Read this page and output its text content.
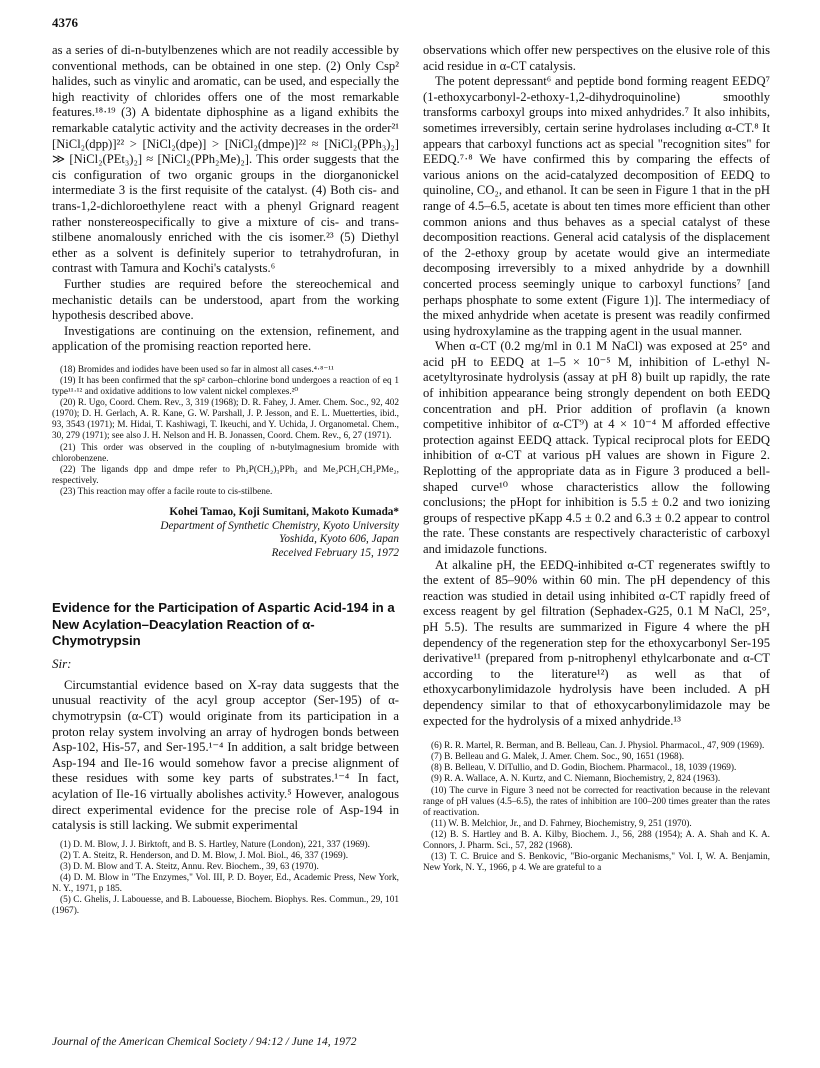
4376

as a series of di-n-butylbenzenes which are not readily accessible by conventional methods, can be obtained in one step. (2) Only Csp² halides, such as vinylic and aromatic, can be used, and especially the high reactivity of chlorides offers one of the most remarkable features.¹⁸·¹⁹ (3) A bidentate diphosphine as a ligand exhibits the remarkable catalytic activity and the activity decreases in the order²¹ [NiCl₂(dpp)]²² > [NiCl₂(dpe)] > [NiCl₂(dmpe)]²² ≈ [NiCl₂(PPh₃)₂] ≫ [NiCl₂(PEt₃)₂] ≈ [NiCl₂(PPh₂Me)₂]. This order suggests that the cis configuration of two organic groups in the diorganonickel intermediate 3 is the first requisite of the catalyst. (4) Both cis- and trans-1,2-dichloroethylene react with a phenyl Grignard reagent rather nonstereospecifically to give a mixture of cis- and trans-stilbene anomalously enriched with the cis isomer.²³ (5) Diethyl ether as a solvent is definitely superior to tetrahydrofuran, in contrast with Tamura and Kochi's catalysts.⁶

Further studies are required before the stereochemical and mechanistic details can be understood, apart from the working hypothesis described above.

Investigations are continuing on the extension, refinement, and application of the promising reaction reported here.

(18) Bromides and iodides have been used so far in almost all cases.⁴·⁸⁻¹¹

(19) It has been confirmed that the sp² carbon–chlorine bond undergoes a reaction of eq 1 type¹¹·¹² and oxidative additions to low valent nickel complexes.²⁰

(20) R. Ugo, Coord. Chem. Rev., 3, 319 (1968); D. R. Fahey, J. Amer. Chem. Soc., 92, 402 (1970); D. H. Gerlach, A. R. Kane, G. W. Parshall, J. P. Jesson, and E. L. Muetterties, ibid., 93, 3543 (1971); M. Hidai, T. Kashiwagi, T. Ikeuchi, and Y. Uchida, J. Organometal. Chem., 30, 279 (1971); see also J. H. Nelson and H. B. Jonassen, Coord. Chem. Rev., 6, 27 (1971).

(21) This order was observed in the coupling of n-butylmagnesium bromide with chlorobenzene.

(22) The ligands dpp and dmpe refer to Ph₂P(CH₂)₃PPh₂ and Me₂PCH₂CH₂PMe₂, respectively.

(23) This reaction may offer a facile route to cis-stilbene.

Kohei Tamao, Koji Sumitani, Makoto Kumada*
Department of Synthetic Chemistry, Kyoto University
Yoshida, Kyoto 606, Japan
Received February 15, 1972
Evidence for the Participation of Aspartic Acid-194 in a New Acylation–Deacylation Reaction of α-Chymotrypsin
Sir:

Circumstantial evidence based on X-ray data suggests that the unusual reactivity of the acyl group acceptor (Ser-195) of α-chymotrypsin (α-CT) would originate from its participation in a proton relay system involving an array of hydrogen bonds between Asp-102, His-57, and Ser-195.¹⁻⁴ In addition, a salt bridge between Asp-194 and Ile-16 would somehow favor a precise alignment of these residues with some key parts of substrates.¹⁻⁴ In fact, acylation of Ile-16 virtually abolishes activity.⁵ However, analogous direct experimental evidence for the precise role of Asp-194 in catalysis is still lacking. We submit experimental

(1) D. M. Blow, J. J. Birktoft, and B. S. Hartley, Nature (London), 221, 337 (1969).

(2) T. A. Steitz, R. Henderson, and D. M. Blow, J. Mol. Biol., 46, 337 (1969).

(3) D. M. Blow and T. A. Steitz, Annu. Rev. Biochem., 39, 63 (1970).

(4) D. M. Blow in "The Enzymes," Vol. III, P. D. Boyer, Ed., Academic Press, New York, N. Y., 1971, p 185.

(5) C. Ghelis, J. Labouesse, and B. Labouesse, Biochem. Biophys. Res. Commun., 29, 101 (1967).

observations which offer new perspectives on the elusive role of this acid residue in α-CT catalysis.

The potent depressant⁶ and peptide bond forming reagent EEDQ⁷ (1-ethoxycarbonyl-2-ethoxy-1,2-dihydroquinoline) smoothly transforms carboxyl groups into mixed anhydrides.⁷ It also inhibits, sometimes irreversibly, certain serine hydrolases including α-CT.⁸ It appears that carboxyl functions act as special "recognition sites" for EEDQ.⁷·⁸ We have confirmed this by comparing the effects of various anions on the acid-catalyzed decomposition of EEDQ to quinoline, CO₂, and ethanol. It can be seen in Figure 1 that in the pH range of 4.5–6.5, acetate is about ten times more efficient than other common anions and thus behaves as a special catalyst of these decomposition reactions. General acid catalysis of the displacement of the 2-ethoxy group by acetate would give an intermediate decomposing irreversibly to a mixed anhydride by a downhill concerted process seemingly unique to carboxyl functions⁷ [and perhaps phosphate to some extent (Figure 1)]. The intermediacy of the mixed anhydride when acetate is present was readily confirmed using hydroxylamine as the trapping agent in the usual manner.

When α-CT (0.2 mg/ml in 0.1 M NaCl) was exposed at 25° and acid pH to EEDQ at 1–5 × 10⁻⁵ M, inhibition of L-ethyl N-acetyltyrosinate hydrolysis (assay at pH 8) built up rapidly, the rate of inhibition appearance being strongly dependent on both EEDQ concentration and pH. Prior addition of proflavin (a known competitive inhibitor of α-CT⁹) at 4 × 10⁻⁴ M afforded effective protection against EEDQ attack. Typical reciprocal plots for EEDQ inhibition of α-CT at various pH values are shown in Figure 2. Replotting of the appropriate data as in Figure 3 produced a bell-shaped curve¹⁰ whose characteristics allow the following conclusions; the pHopt for inhibition is 5.5 ± 0.2 and two ionizing groups of respective pKapp 4.5 ± 0.2 and 6.3 ± 0.2 appear to control the rate. These constants are respectively characteristic of carboxyl and imidazole functions.

At alkaline pH, the EEDQ-inhibited α-CT regenerates swiftly to the extent of 85–90% within 60 min. The pH dependency of this reaction was studied in detail using inhibited α-CT rapidly freed of excess reagent by gel filtration (Sephadex-G25, 0.1 M NaCl, 25°, pH 5.5). The results are summarized in Figure 4 where the pH dependency of the regeneration step for the ethoxycarbonyl Ser-195 derivative¹¹ (prepared from p-nitrophenyl ethylcarbonate and α-CT according to the literature¹²) as well as that of ethoxycarbonylimidazole hydrolysis have been included. A pH dependency similar to that of ethoxycarbonylimidazole may be expected for the hydrolysis of a mixed anhydride.¹³

(6) R. R. Martel, R. Berman, and B. Belleau, Can. J. Physiol. Pharmacol., 47, 909 (1969).

(7) B. Belleau and G. Malek, J. Amer. Chem. Soc., 90, 1651 (1968).

(8) B. Belleau, V. DiTullio, and D. Godin, Biochem. Pharmacol., 18, 1039 (1969).

(9) R. A. Wallace, A. N. Kurtz, and C. Niemann, Biochemistry, 2, 824 (1963).

(10) The curve in Figure 3 need not be corrected for reactivation because in the relevant range of pH values (4.5–6.5), the rates of inhibition are 100–200 times greater than the rates of reactivation.

(11) W. B. Melchior, Jr., and D. Fahrney, Biochemistry, 9, 251 (1970).

(12) B. S. Hartley and B. A. Kilby, Biochem. J., 56, 288 (1954); A. A. Shah and K. A. Connors, J. Pharm. Sci., 57, 282 (1968).

(13) T. C. Bruice and S. Benkovic, "Bio-organic Mechanisms," Vol. I, W. A. Benjamin, New York, N. Y., 1966, p 4. We are grateful to a

Journal of the American Chemical Society / 94:12 / June 14, 1972
